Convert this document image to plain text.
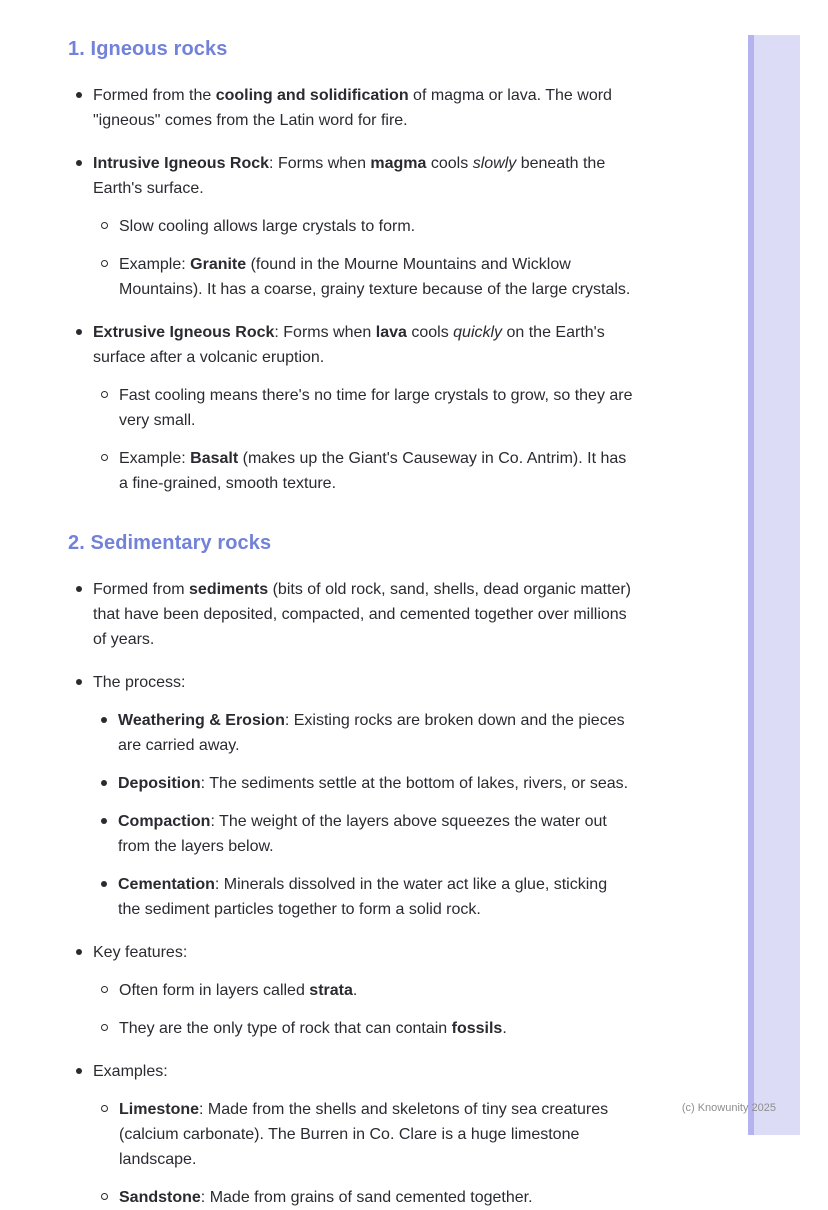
1. Igneous rocks
Formed from the cooling and solidification of magma or lava. The word "igneous" comes from the Latin word for fire.
Intrusive Igneous Rock: Forms when magma cools slowly beneath the Earth's surface.
Slow cooling allows large crystals to form.
Example: Granite (found in the Mourne Mountains and Wicklow Mountains). It has a coarse, grainy texture because of the large crystals.
Extrusive Igneous Rock: Forms when lava cools quickly on the Earth's surface after a volcanic eruption.
Fast cooling means there's no time for large crystals to grow, so they are very small.
Example: Basalt (makes up the Giant's Causeway in Co. Antrim). It has a fine-grained, smooth texture.
2. Sedimentary rocks
Formed from sediments (bits of old rock, sand, shells, dead organic matter) that have been deposited, compacted, and cemented together over millions of years.
The process:
Weathering & Erosion: Existing rocks are broken down and the pieces are carried away.
Deposition: The sediments settle at the bottom of lakes, rivers, or seas.
Compaction: The weight of the layers above squeezes the water out from the layers below.
Cementation: Minerals dissolved in the water act like a glue, sticking the sediment particles together to form a solid rock.
Key features:
Often form in layers called strata.
They are the only type of rock that can contain fossils.
Examples:
Limestone: Made from the shells and skeletons of tiny sea creatures (calcium carbonate). The Burren in Co. Clare is a huge limestone landscape.
Sandstone: Made from grains of sand cemented together.
(c) Knowunity 2025
